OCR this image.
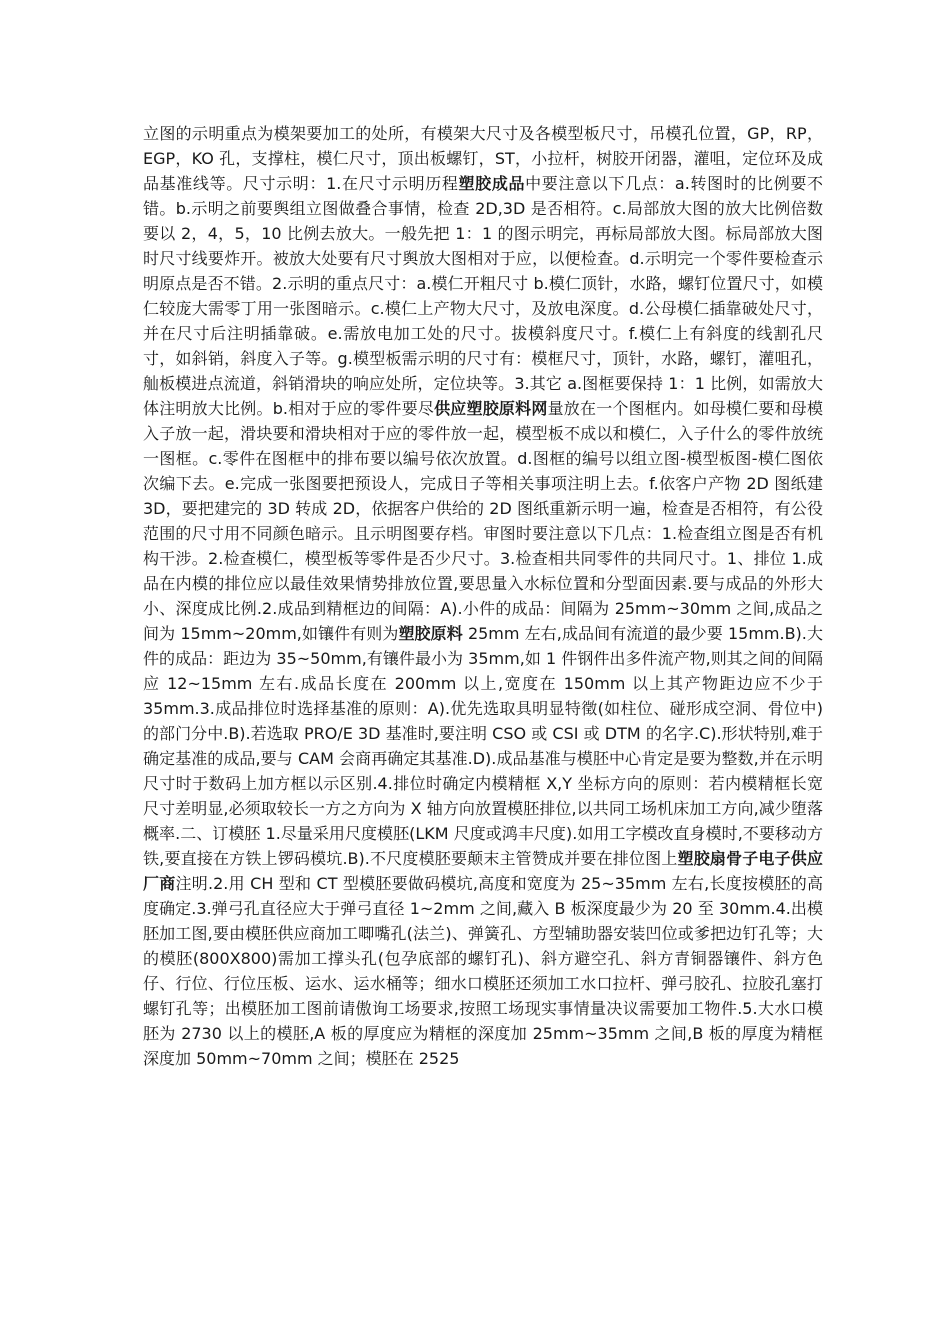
立图的示明重点为模架要加工的处所，有模架大尺寸及各模型板尺寸，吊模孔位置，GP，RP，EGP，KO 孔，支撑柱，模仁尺寸，顶出板螺钉，ST，小拉杆，树胶开闭器，灌咀，定位环及成品基准线等。尺寸示明：1.在尺寸示明历程塑胶成品中要注意以下几点：a.转图时的比例要不错。b.示明之前要舆组立图做叠合事情，检查 2D,3D 是否相符。c.局部放大图的放大比例倍数要以 2，4，5，10 比例去放大。一般先把 1：1 的图示明完，再标局部放大图。标局部放大图时尺寸线要炸开。被放大处要有尺寸舆放大图相对于应，以便检查。d.示明完一个零件要检查示明原点是否不错。2.示明的重点尺寸：a.模仁开粗尺寸 b.模仁顶针，水路，螺钉位置尺寸，如模仁较庞大需零丁用一张图暗示。c.模仁上产物大尺寸，及放电深度。d.公母模仁插靠破处尺寸，并在尺寸后注明插靠破。e.需放电加工处的尺寸。拔模斜度尺寸。f.模仁上有斜度的线割孔尺寸，如斜销，斜度入子等。g.模型板需示明的尺寸有：模框尺寸，顶针，水路，螺钉，灌咀孔，舢板模进点流道，斜销滑块的响应处所，定位块等。3.其它 a.图框要保持 1：1 比例，如需放大体注明放大比例。b.相对于应的零件要尽供应塑胶原料网量放在一个图框内。如母模仁要和母模入子放一起，滑块要和滑块相对于应的零件放一起，模型板不成以和模仁，入子什么的零件放统一图框。c.零件在图框中的排布要以编号依次放置。d.图框的编号以组立图-模型板图-模仁图依次编下去。e.完成一张图要把预设人，完成日子等相关事项注明上去。f.依客户产物 2D 图纸建 3D，要把建完的 3D 转成 2D，依据客户供给的 2D 图纸重新示明一遍，检查是否相符，有公役范围的尺寸用不同颜色暗示。且示明图要存档。审图时要注意以下几点：1.检查组立图是否有机构干涉。2.检查模仁，模型板等零件是否少尺寸。3.检查相共同零件的共同尺寸。1、排位 1.成品在内模的排位应以最佳效果情势排放位置,要思量入水标位置和分型面因素.要与成品的外形大小、深度成比例.2.成品到精框边的间隔：A).小件的成品：间隔为 25mm~30mm 之间,成品之间为 15mm~20mm,如镶件有则为塑胶原料 25mm 左右,成品间有流道的最少要 15mm.B).大件的成品：距边为 35~50mm,有镶件最小为 35mm,如 1 件钢件出多件流产物,则其之间的间隔应 12~15mm 左右.成品长度在 200mm 以上,宽度在 150mm 以上其产物距边应不少于 35mm.3.成品排位时选择基准的原则：A).优先选取具明显特徵(如柱位、碰形成空洞、骨位中)的部门分中.B).若选取 PRO/E 3D 基准时,要注明 CSO 或 CSI 或 DTM 的名字.C).形状特别,难于确定基准的成品,要与 CAM 会商再确定其基准.D).成品基准与模胚中心肯定是要为整数,并在示明尺寸时于数码上加方框以示区别.4.排位时确定内模精框 X,Y 坐标方向的原则：若内模精框长宽尺寸差明显,必须取较长一方之方向为 X 轴方向放置模胚排位,以共同工场机床加工方向,减少堕落概率.二、订模胚 1.尽量采用尺度模胚(LKM 尺度或鸿丰尺度).如用工字模改直身模时,不要移动方铁,要直接在方铁上锣码模坑.B).不尺度模胚要颠末主管赞成并要在排位图上塑胶扇骨子电子供应厂商注明.2.用 CH 型和 CT 型模胚要做码模坑,高度和宽度为 25~35mm 左右,长度按模胚的高度确定.3.弹弓孔直径应大于弹弓直径 1~2mm 之间,藏入 B 板深度最少为 20 至 30mm.4.出模胚加工图,要由模胚供应商加工唧嘴孔(法兰)、弹簧孔、方型辅助器安装凹位或爹把边钉孔等；大的模胚(800X800)需加工撑头孔(包孕底部的螺钉孔)、斜方避空孔、斜方青铜器镶件、斜方色仔、行位、行位压板、运水、运水桶等；细水口模胚还须加工水口拉杆、弹弓胶孔、拉胶孔塞打螺钉孔等；出模胚加工图前请傲询工场要求,按照工场现实事情量决议需要加工物件.5.大水口模胚为 2730 以上的模胚,A 板的厚度应为精框的深度加 25mm~35mm 之间,B 板的厚度为精框深度加 50mm~70mm 之间；模胚在 2525
